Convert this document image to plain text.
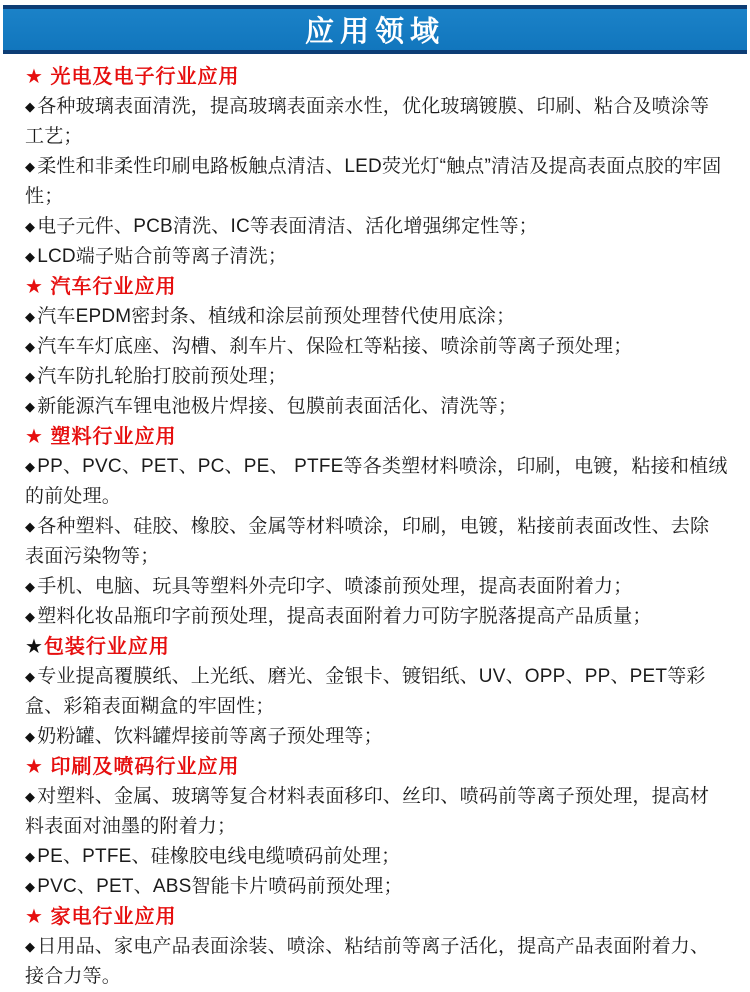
应用领域
★ 光电及电子行业应用
◆ 各种玻璃表面清洗，提高玻璃表面亲水性，优化玻璃镀膜、印刷、粘合及喷涂等工艺；
◆ 柔性和非柔性印刷电路板触点清洁、LED荧光灯“触点”清洁及提高表面点胶的牢固性；
◆ 电子元件、PCB清洗、IC等表面清洁、活化增强绑定性等；
◆ LCD端子贴合前等离子清洗；
★ 汽车行业应用
◆ 汽车EPDM密封条、植绒和涂层前预处理替代使用底涂；
◆ 汽车车灯底座、沟槽、刹车片、保险杠等粘接、喷涂前等离子预处理；
◆ 汽车防扎轮胎打胶前预处理；
◆ 新能源汽车锂电池极片焊接、包膜前表面活化、清洗等；
★ 塑料行业应用
◆ PP、PVC、PET、PC、PE、 PTFE等各类塑材料喷涂，印刷，电镀，粘接和植绒的前处理。
◆ 各种塑料、硅胶、橡胶、金属等材料喷涂，印刷，电镀，粘接前表面改性、去除表面污染物等；
◆ 手机、电脑、玩具等塑料外壳印字、喷漆前预处理，提高表面附着力；
◆ 塑料化妆品瓶印字前预处理，提高表面附着力可防字脱落提高产品质量；
★包装行业应用
◆ 专业提高覆膜纸、上光纸、磨光、金银卡、镀铝纸、UV、OPP、PP、PET等彩盒、彩箱表面糊盒的牢固性；
◆ 奶粉罐、饮料罐焊接前等离子预处理等；
★ 印刷及喷码行业应用
◆ 对塑料、金属、玻璃等复合材料表面移印、丝印、喷码前等离子预处理，提高材料表面对油墨的附着力；
◆ PE、PTFE、硅橡胶电线电缆喷码前处理；
◆ PVC、PET、ABS智能卡片喷码前预处理；
★ 家电行业应用
◆ 日用品、家电产品表面涂装、喷涂、粘结前等离子活化，提高产品表面附着力、接合力等。
